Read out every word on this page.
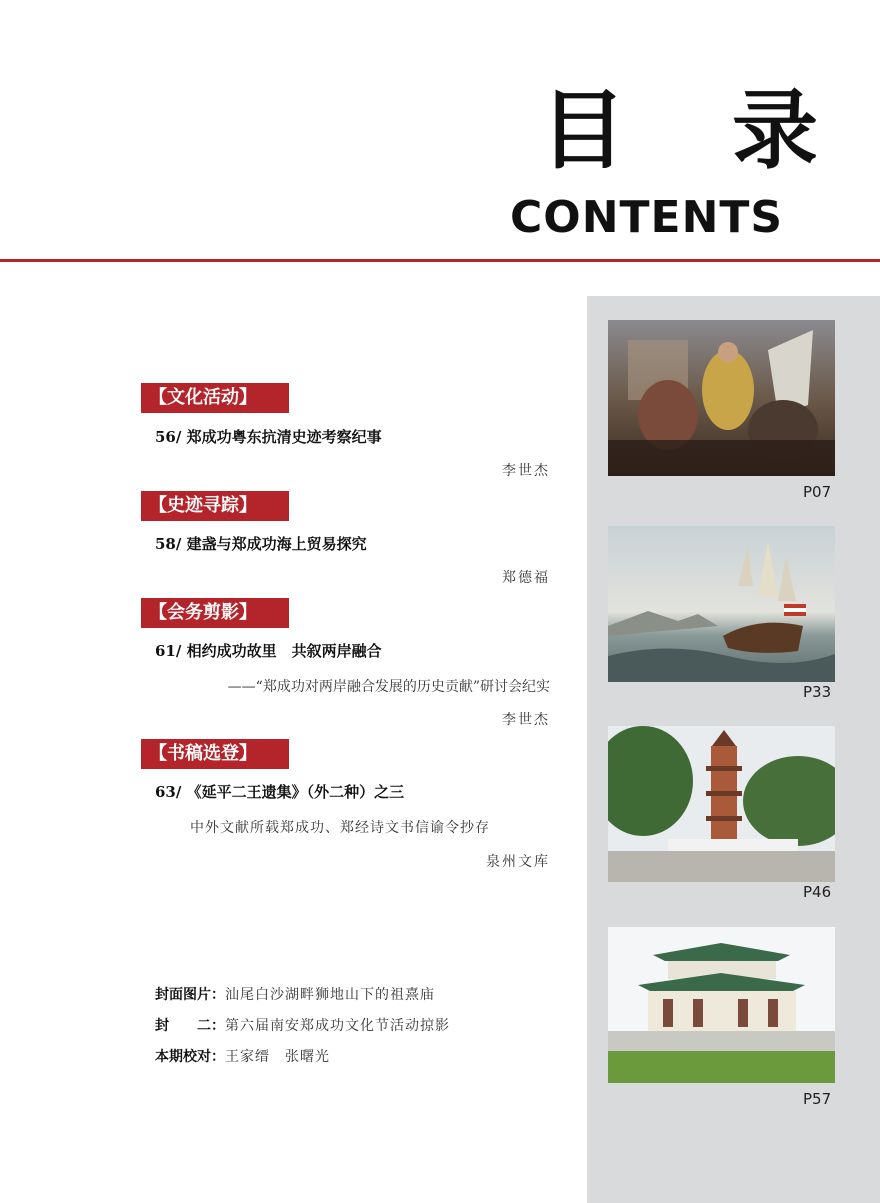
目 录
CONTENTS
P07
P33
P46
P57
【文化活动】
56/ 郑成功粤东抗清史迹考察纪事
李世杰
【史迹寻踪】
58/ 建盏与郑成功海上贸易探究
郑德福
【会务剪影】
61/ 相约成功故里　共叙两岸融合
——“郑成功对两岸融合发展的历史贡献”研讨会纪实
李世杰
【书稿选登】
63/ 《延平二王遗集》（外二种）之三
中外文献所载郑成功、郑经诗文书信谕令抄存
泉州文库
封面图片：汕尾白沙湖畔狮地山下的祖熹庙
封　　二：第六届南安郑成功文化节活动掠影
本期校对：王家缙　张曙光
